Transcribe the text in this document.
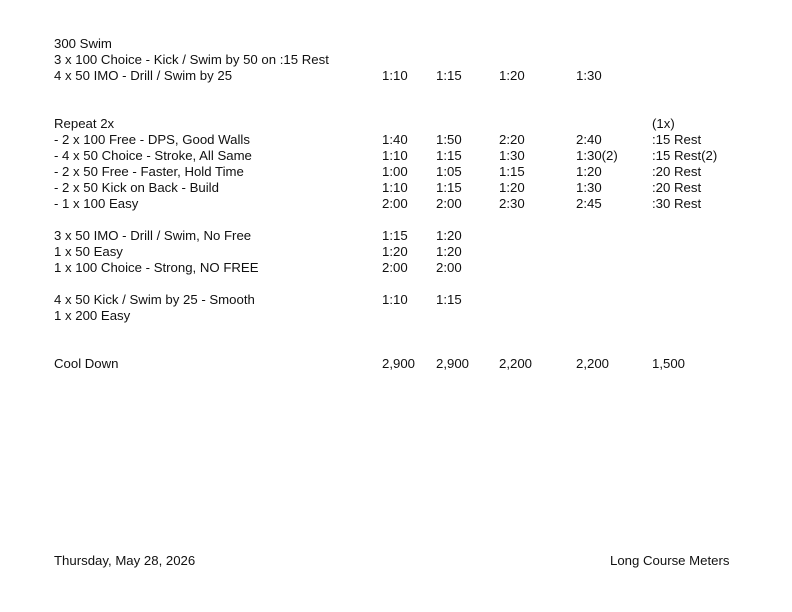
300 Swim
3 x 100 Choice - Kick / Swim by 50 on :15 Rest
4 x 50 IMO - Drill / Swim by 25	1:10 1:15	1:20	1:30
Repeat 2x	(1x)
- 2 x 100 Free - DPS, Good Walls	1:40 1:50	2:20	2:40	:15 Rest
- 4 x 50 Choice - Stroke, All Same	1:10 1:15	1:30	1:30(2)	:15 Rest(2)
- 2 x 50 Free - Faster, Hold Time	1:00 1:05	1:15	1:20	:20 Rest
- 2 x 50 Kick on Back - Build	1:10 1:15	1:20	1:30	:20 Rest
- 1 x 100 Easy	2:00 2:00	2:30	2:45	:30 Rest
3 x 50 IMO - Drill / Swim, No Free	1:15 1:20
1 x 50 Easy	1:20 1:20
1 x 100 Choice - Strong, NO FREE	2:00 2:00
4 x 50 Kick / Swim by 25 - Smooth	1:10 1:15
1 x 200 Easy
Cool Down	2,900 2,900 2,200	2,200	1,500
Thursday, May 28, 2026	Long Course Meters
